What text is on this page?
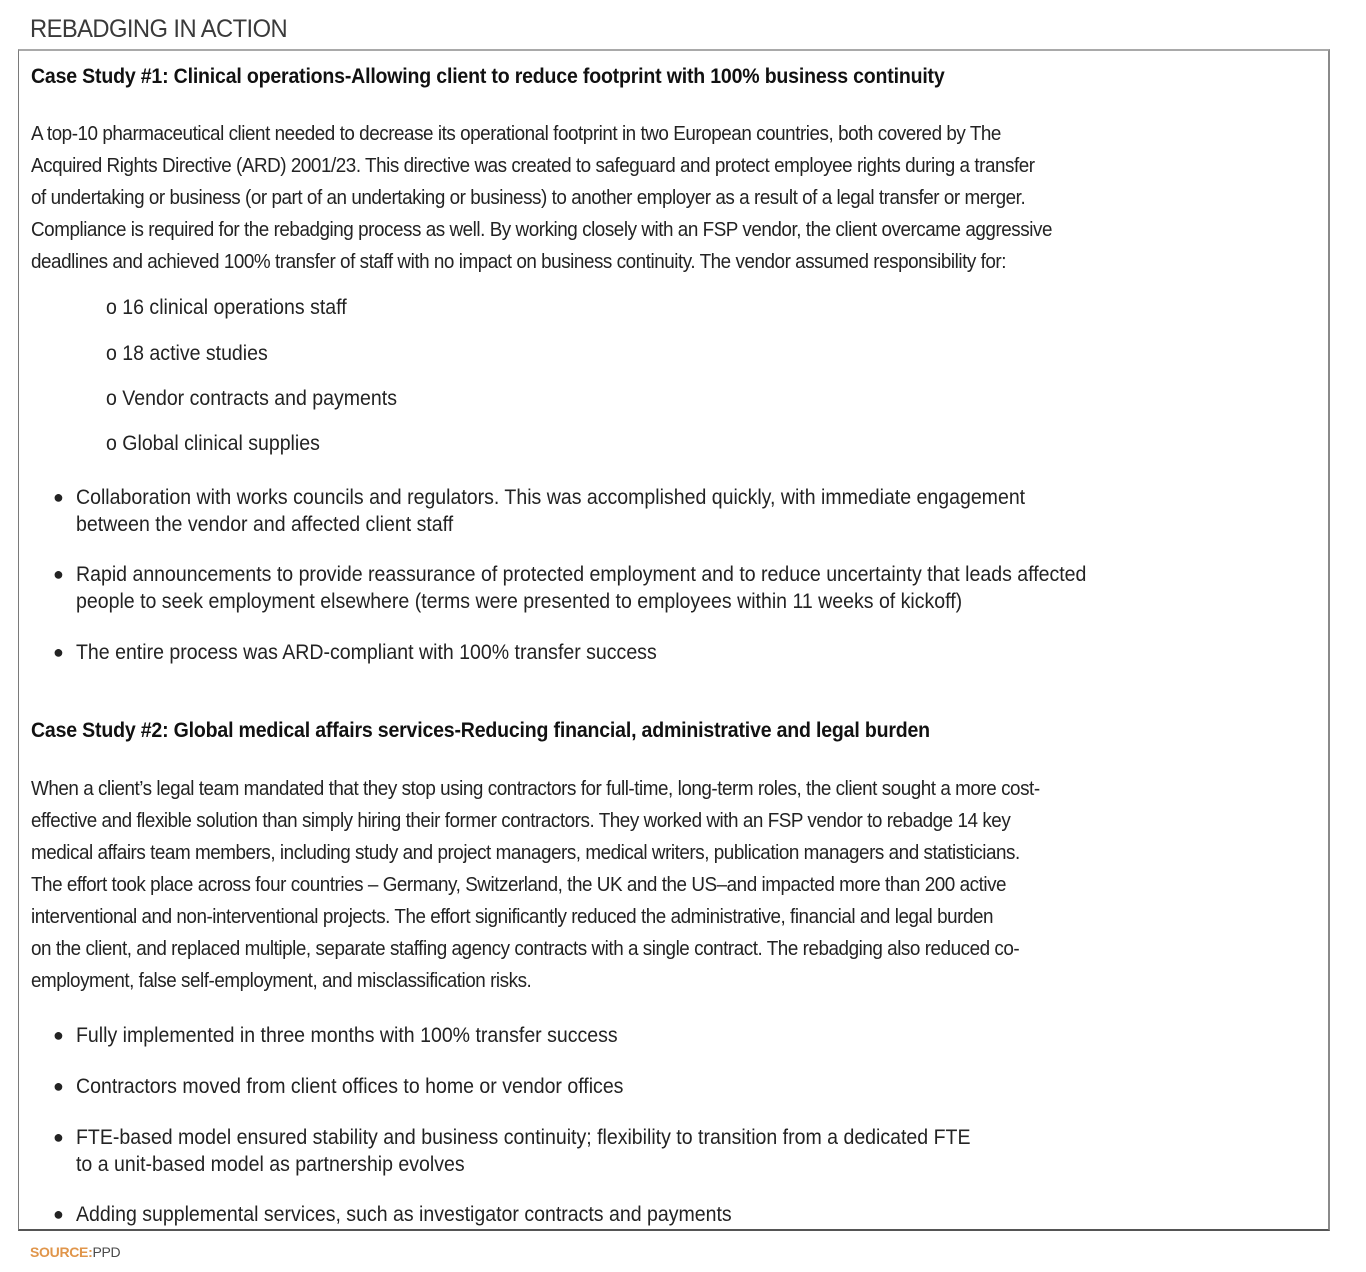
REBADGING IN ACTION
Case Study #1: Clinical operations-Allowing client to reduce footprint with 100% business continuity
A top-10 pharmaceutical client needed to decrease its operational footprint in two European countries, both covered by The
Acquired Rights Directive (ARD) 2001/23. This directive was created to safeguard and protect employee rights during a transfer
of undertaking or business (or part of an undertaking or business) to another employer as a result of a legal transfer or merger.
Compliance is required for the rebadging process as well. By working closely with an FSP vendor, the client overcame aggressive
deadlines and achieved 100% transfer of staff with no impact on business continuity. The vendor assumed responsibility for:
o 16 clinical operations staff
o 18 active studies
o Vendor contracts and payments
o Global clinical supplies
● Collaboration with works councils and regulators. This was accomplished quickly, with immediate engagement
between the vendor and affected client staff
● Rapid announcements to provide reassurance of protected employment and to reduce uncertainty that leads affected
people to seek employment elsewhere (terms were presented to employees within 11 weeks of kickoff)
● The entire process was ARD-compliant with 100% transfer success
Case Study #2: Global medical affairs services-Reducing financial, administrative and legal burden
When a client’s legal team mandated that they stop using contractors for full-time, long-term roles, the client sought a more cost-
effective and flexible solution than simply hiring their former contractors. They worked with an FSP vendor to rebadge 14 key
medical affairs team members, including study and project managers, medical writers, publication managers and statisticians.
The effort took place across four countries – Germany, Switzerland, the UK and the US–and impacted more than 200 active
interventional and non-interventional projects. The effort significantly reduced the administrative, financial and legal burden
on the client, and replaced multiple, separate staffing agency contracts with a single contract. The rebadging also reduced co-
employment, false self-employment, and misclassification risks.
● Fully implemented in three months with 100% transfer success
● Contractors moved from client offices to home or vendor offices
● FTE-based model ensured stability and business continuity; flexibility to transition from a dedicated FTE
to a unit-based model as partnership evolves
● Adding supplemental services, such as investigator contracts and payments
SOURCE:PPD
